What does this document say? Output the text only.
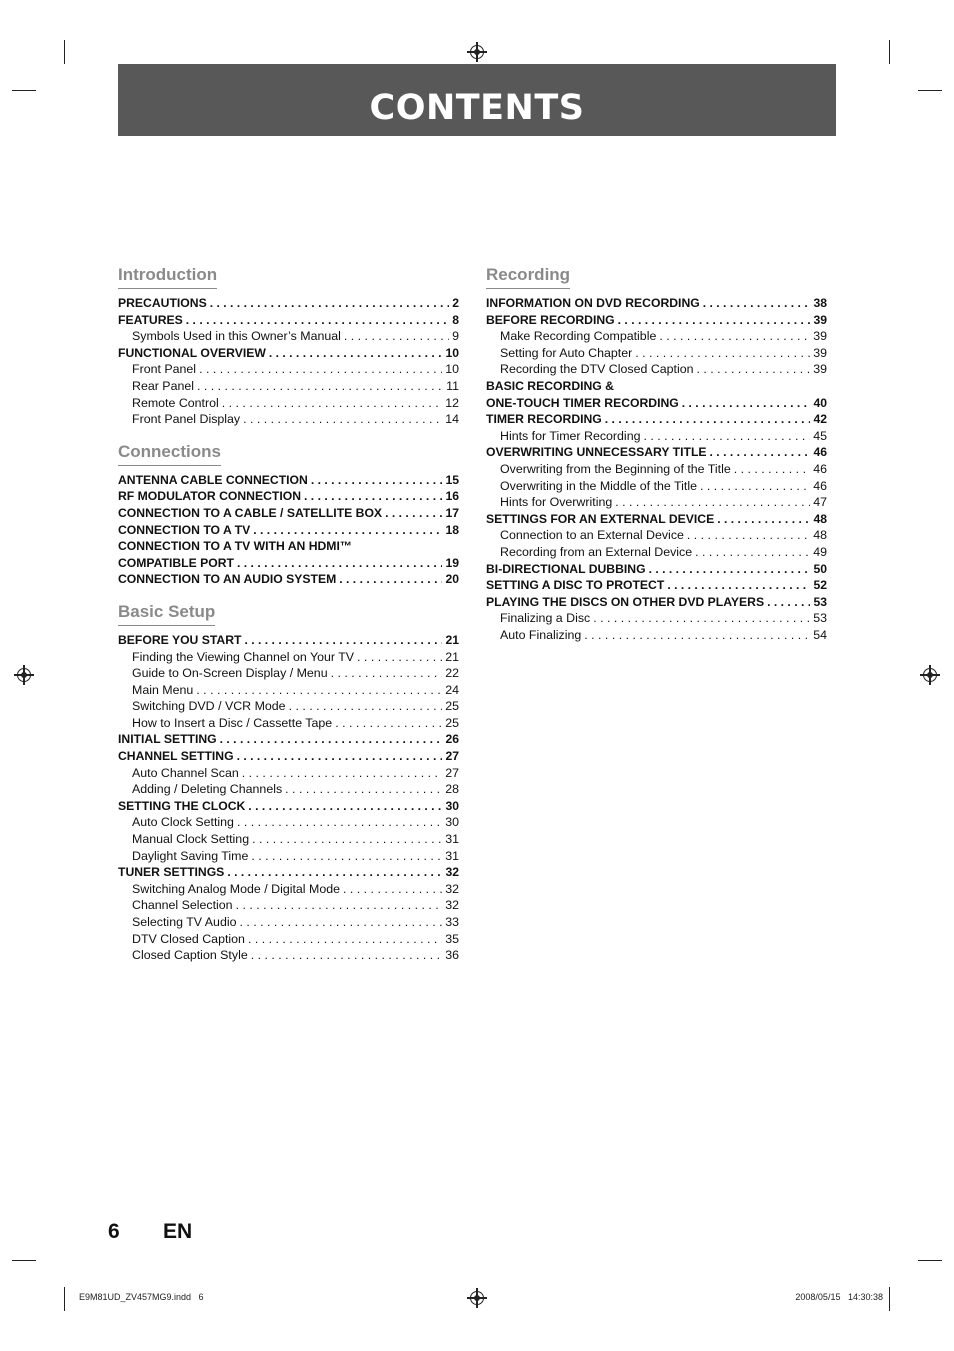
CONTENTS
Introduction
PRECAUTIONS . . .	2
FEATURES . . .	8
Symbols Used in this Owner’s Manual . . .	9
FUNCTIONAL OVERVIEW . . .	10
Front Panel . . .	10
Rear Panel . . .	11
Remote Control . . .	12
Front Panel Display . . .	14
Connections
ANTENNA CABLE CONNECTION . . .	15
RF MODULATOR CONNECTION . . .	16
CONNECTION TO A CABLE / SATELLITE BOX . . .	17
CONNECTION TO A TV . . .	18
CONNECTION TO A TV WITH AN HDMI™
COMPATIBLE PORT . . .	19
CONNECTION TO AN AUDIO SYSTEM . . .	20
Basic Setup
BEFORE YOU START . . .	21
Finding the Viewing Channel on Your TV . . .	21
Guide to On-Screen Display / Menu . . .	22
Main Menu . . .	24
Switching DVD / VCR Mode . . .	25
How to Insert a Disc / Cassette Tape . . .	25
INITIAL SETTING . . .	26
CHANNEL SETTING . . .	27
Auto Channel Scan . . .	27
Adding / Deleting Channels . . .	28
SETTING THE CLOCK . . .	30
Auto Clock Setting . . .	30
Manual Clock Setting . . .	31
Daylight Saving Time . . .	31
TUNER SETTINGS . . .	32
Switching Analog Mode / Digital Mode . . .	32
Channel Selection . . .	32
Selecting TV Audio . . .	33
DTV Closed Caption . . .	35
Closed Caption Style . . .	36
Recording
INFORMATION ON DVD RECORDING . . .	38
BEFORE RECORDING . . .	39
Make Recording Compatible . . .	39
Setting for Auto Chapter . . .	39
Recording the DTV Closed Caption . . .	39
BASIC RECORDING &
ONE-TOUCH TIMER RECORDING . . .	40
TIMER RECORDING . . .	42
Hints for Timer Recording . . .	45
OVERWRITING UNNECESSARY TITLE . . .	46
Overwriting from the Beginning of the Title . . .	46
Overwriting in the Middle of the Title . . .	46
Hints for Overwriting . . .	47
SETTINGS FOR AN EXTERNAL DEVICE . . .	48
Connection to an External Device . . .	48
Recording from an External Device . . .	49
BI-DIRECTIONAL DUBBING . . .	50
SETTING A DISC TO PROTECT . . .	52
PLAYING THE DISCS ON OTHER DVD PLAYERS . . .	53
Finalizing a Disc . . .	53
Auto Finalizing . . .	54
6 EN
E9M81UD_ZV457MG9.indd   6	2008/05/15   14:30:38
